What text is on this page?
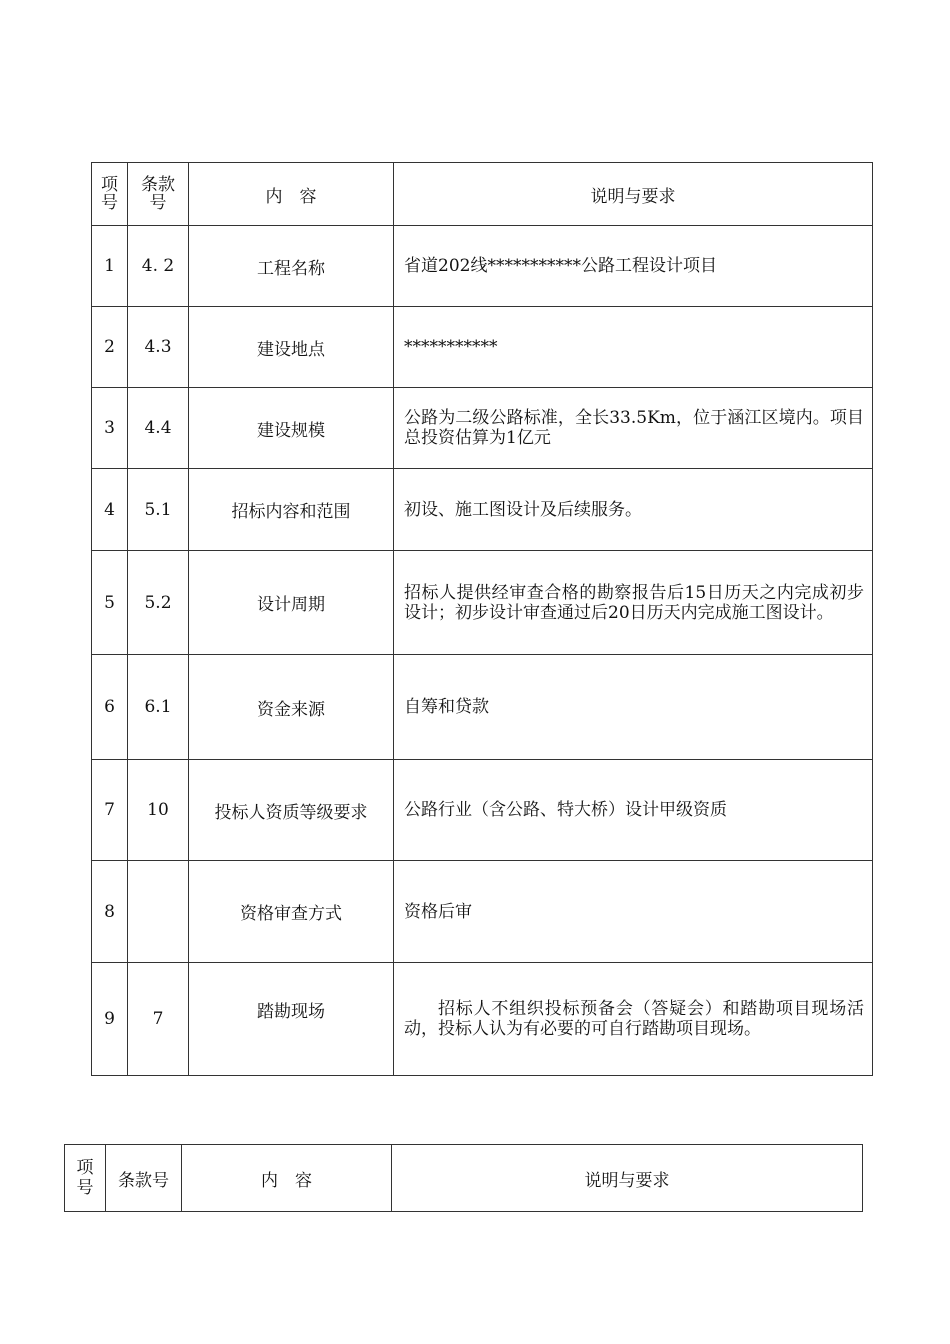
项号	条款号	内　容	说明与要求
1	4. 2	工程名称	省道202线***********公路工程设计项目
2	4.3	建设地点	***********
3	4.4	建设规模	公路为二级公路标准，全长33.5Km，位于涵江区境内。项目总投资估算为1亿元
4	5.1	招标内容和范围	初设、施工图设计及后续服务。
5	5.2	设计周期	招标人提供经审查合格的勘察报告后15日历天之内完成初步设计；初步设计审查通过后20日历天内完成施工图设计。
6	6.1	资金来源	自筹和贷款
7	10	投标人资质等级要求	公路行业（含公路、特大桥）设计甲级资质
8		资格审查方式	资格后审
9	7	踏勘现场	招标人不组织投标预备会（答疑会）和踏勘项目现场活动，投标人认为有必要的可自行踏勘项目现场。
项号	条款号	内　容	说明与要求
